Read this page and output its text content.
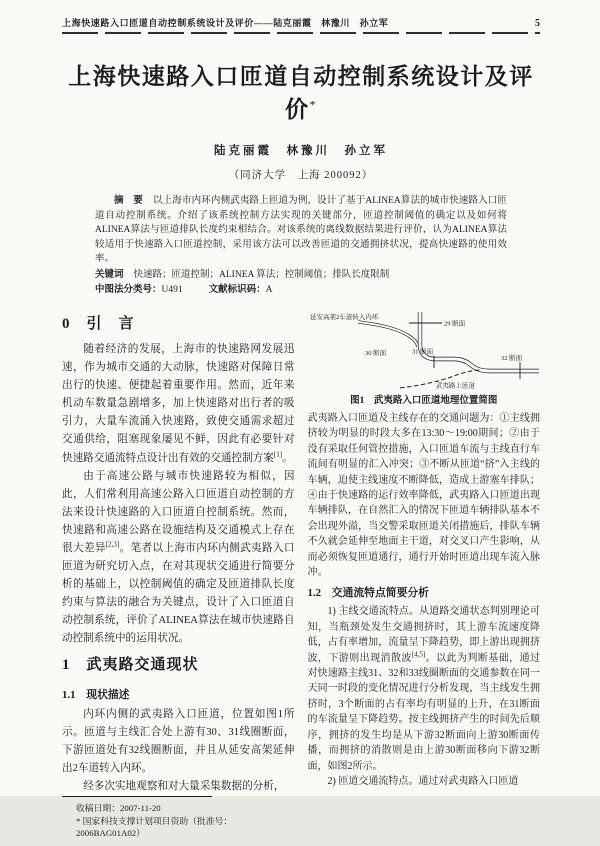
上海快速路入口匝道自动控制系统设计及评价——陆克丽霞　林豫川　孙立军	5
上海快速路入口匝道自动控制系统设计及评价*
陆克丽霞　林豫川　孙立军
（同济大学　上海 200092）

摘　要 以上海市内环内侧武夷路上匝道为例，设计了基于ALINEA算法的城市快速路入口匝道自动控制系统。介绍了该系统控制方法实现的关键部分，匝道控制阈值的确定以及如何将ALINEA算法与匝道排队长度约束相结合。对该系统的离线数据结果进行评价，认为ALINEA算法较适用于快速路入口匝道控制，采用该方法可以改善匝道的交通拥挤状况，提高快速路的使用效率。

关键词 快速路；匝道控制；ALINEA 算法；控制阈值；排队长度限制
中图法分类号：U491	文献标识码：A
0　引　言

随着经济的发展，上海市的快速路网发展迅速，作为城市交通的大动脉，快速路对保障日常出行的快速、便捷起着重要作用。然而，近年来机动车数量急剧增多，加上快速路对出行者的吸引力，大量车流涌入快速路，致使交通需求超过交通供给，阻塞现象屡见不鲜，因此有必要针对快速路交通流特点设计出有效的交通控制方案[1]。

由于高速公路与城市快速路较为相似，因此，人们常利用高速公路入口匝道自动控制的方法来设计快速路的入口匝道自控制系统。然而，快速路和高速公路在设施结构及交通模式上存在很大差异[2,3]。笔者以上海市内环内侧武夷路入口匝道为研究切入点，在对其现状交通进行简要分析的基础上，以控制阈值的确定及匝道排队长度约束与算法的融合为关键点，设计了入口匝道自动控制系统，评价了ALINEA算法在城市快速路自动控制系统中的运用状况。

1　武夷路交通现状
1.1　现状描述

内环内侧的武夷路入口匝道，位置如图1所示。匝道与主线汇合处上游有30、31线圈断面，下游匝道处有32线圈断面，并且从延安高架延伸出2车道转入内环。

经多次实地观察和对大量采集数据的分析，

收稿日期：2007-11-20
* 国家科技支撑计划项目资助（批准号：2006BAG01A02）
延安高架2车道转入内环
29 断面
30 断面	31 断面
32 断面
武夷路上匝道
图1　武夷路入口匝道地理位置简图

武夷路入口匝道及主线存在的交通问题为：①主线拥挤较为明显的时段大多在13:30～19:00期间；②由于没有采取任何管控措施，入口匝道车流与主线直行车流间有明显的汇入冲突；③不断从匝道“挤”入主线的车辆，迫使主线速度不断降低，造成上游塞车排队；④由于快速路的运行效率降低，武夷路入口匝道出现车辆排队，在自然汇入的情况下匝道车辆排队基本不会出现外溢，当交警采取匝道关闭措施后，排队车辆不久就会延伸至地面主干道，对交叉口产生影响，从而必须恢复匝道通行，通行开始时匝道出现车流入脉冲。

1.2　交通流特点简要分析

1) 主线交通流特点。从道路交通状态判别理论可知，当瓶颈处发生交通拥挤时，其上游车流速度降低，占有率增加，流量呈下降趋势，即上游出现拥挤波，下游则出现消散波[4,5]。以此为判断基础，通过对快速路主线31、32和33线圈断面的交通参数在同一天同一时段的变化情况进行分析发现，当主线发生拥挤时，3个断面的占有率均有明显的上升，在31断面的车流量呈下降趋势。按主线拥挤产生的时间先后顺序，拥挤的发生均是从下游32断面向上游30断面传播，而拥挤的消散则是由上游30断面移向下游32断面，如图2所示。

2) 匝道交通流特点。通过对武夷路入口匝道
